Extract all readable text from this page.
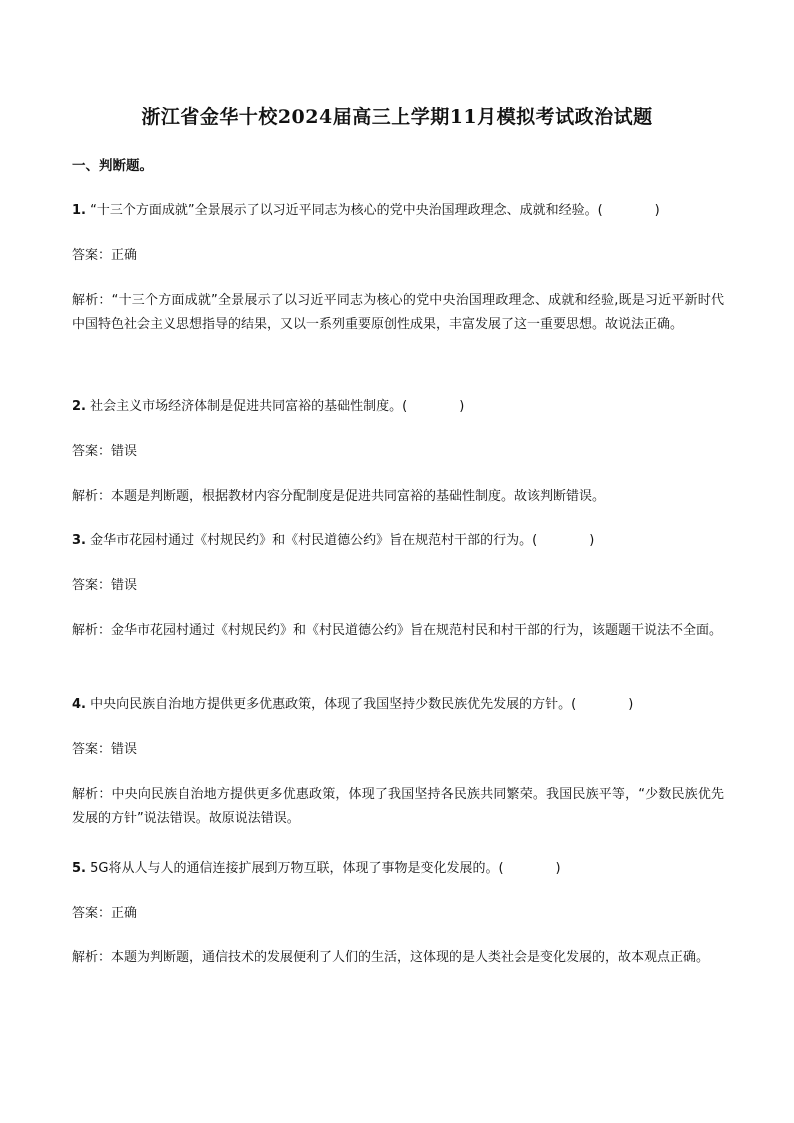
浙江省金华十校2024届高三上学期11月模拟考试政治试题
一、判断题。
1. “十三个方面成就”全景展示了以习近平同志为核心的党中央治国理政理念、成就和经验。(	)
答案：正确
解析：“十三个方面成就”全景展示了以习近平同志为核心的党中央治国理政理念、成就和经验,既是习近平新时代中国特色社会主义思想指导的结果，又以一系列重要原创性成果，丰富发展了这一重要思想。故说法正确。
2. 社会主义市场经济体制是促进共同富裕的基础性制度。(	)
答案：错误
解析：本题是判断题，根据教材内容分配制度是促进共同富裕的基础性制度。故该判断错误。
3. 金华市花园村通过《村规民约》和《村民道德公约》旨在规范村干部的行为。(	)
答案：错误
解析：金华市花园村通过《村规民约》和《村民道德公约》旨在规范村民和村干部的行为，该题题干说法不全面。
4. 中央向民族自治地方提供更多优惠政策，体现了我国坚持少数民族优先发展的方针。(	)
答案：错误
解析：中央向民族自治地方提供更多优惠政策，体现了我国坚持各民族共同繁荣。我国民族平等，“少数民族优先发展的方针”说法错误。故原说法错误。
5. 5G将从人与人的通信连接扩展到万物互联，体现了事物是变化发展的。(	)
答案：正确
解析：本题为判断题，通信技术的发展便利了人们的生活，这体现的是人类社会是变化发展的，故本观点正确。
